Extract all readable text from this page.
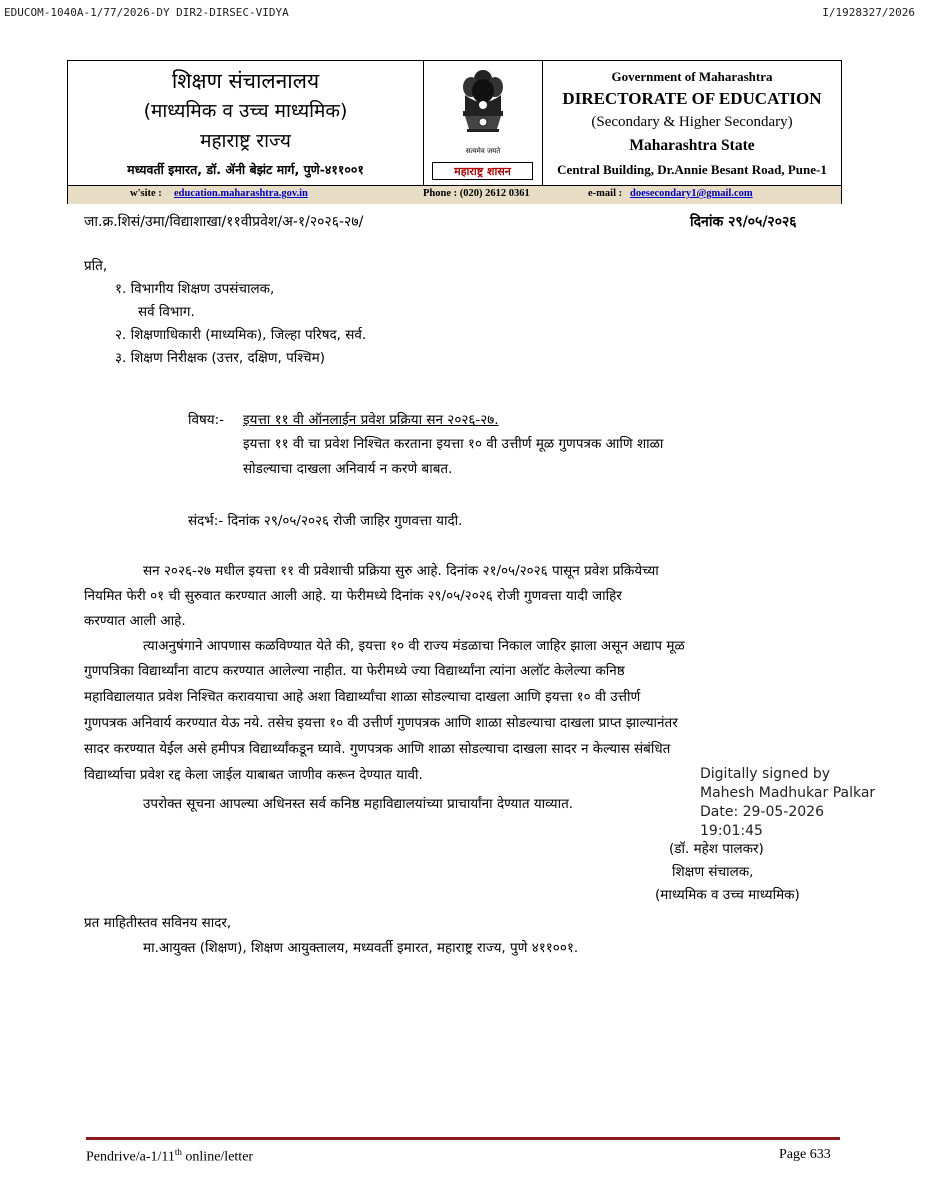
EDUCOM-1040A-1/77/2026-DY DIR2-DIRSEC-VIDYA	I/1928327/2026
शिक्षण संचालनालय
(माध्यमिक व उच्च माध्यमिक)
महाराष्ट्र राज्य
मध्यवर्ती इमारत, डॉ. ॲनी बेझंट मार्ग, पुणे-४११००१
सत्यमेव जयते
महाराष्ट्र शासन
Government of Maharashtra
DIRECTORATE OF EDUCATION
(Secondary & Higher Secondary)
Maharashtra State
Central Building, Dr.Annie Besant Road, Pune-1
w'site : education.maharashtra.gov.in	Phone : (020) 2612 0361	e-mail : doesecondary1@gmail.com
जा.क्र.शिसं/उमा/विद्याशाखा/११वीप्रवेश/अ-१/२०२६-२७/	दिनांक २९/०५/२०२६
प्रति,
१. विभागीय शिक्षण उपसंचालक,
सर्व विभाग.
२. शिक्षणाधिकारी (माध्यमिक), जिल्हा परिषद, सर्व.
३. शिक्षण निरीक्षक (उत्तर, दक्षिण, पश्चिम)
विषय:- इयत्ता ११ वी ऑनलाईन प्रवेश प्रक्रिया सन २०२६-२७.
इयत्ता ११ वी चा प्रवेश निश्चित करताना इयत्ता १० वी उत्तीर्ण मूळ गुणपत्रक आणि शाळा
सोडल्याचा दाखला अनिवार्य न करणे बाबत.
संदर्भ:- दिनांक २९/०५/२०२६ रोजी जाहिर गुणवत्ता यादी.
सन २०२६-२७ मधील इयत्ता ११ वी प्रवेशाची प्रक्रिया सुरु आहे. दिनांक २१/०५/२०२६ पासून प्रवेश प्रकियेच्या
नियमित फेरी ०१ ची सुरुवात करण्यात आली आहे. या फेरीमध्ये दिनांक २९/०५/२०२६ रोजी गुणवत्ता यादी जाहिर
करण्यात आली आहे.
त्याअनुषंगाने आपणास कळविण्यात येते की, इयत्ता १० वी राज्य मंडळाचा निकाल जाहिर झाला असून अद्याप मूळ
गुणपत्रिका विद्यार्थ्यांना वाटप करण्यात आलेल्या नाहीत. या फेरीमध्ये ज्या विद्यार्थ्यांना त्यांना अलॉट केलेल्या कनिष्ठ
महाविद्यालयात प्रवेश निश्चित करावयाचा आहे अशा विद्यार्थ्यांचा शाळा सोडल्याचा दाखला आणि इयत्ता १० वी उत्तीर्ण
गुणपत्रक अनिवार्य करण्यात येऊ नये. तसेच इयत्ता १० वी उत्तीर्ण गुणपत्रक आणि शाळा सोडल्याचा दाखला प्राप्त झाल्यानंतर
सादर करण्यात येईल असे हमीपत्र विद्यार्थ्यांकडून घ्यावे. गुणपत्रक आणि शाळा सोडल्याचा दाखला सादर न केल्यास संबंधित
विद्यार्थ्याचा प्रवेश रद्द केला जाईल याबाबत जाणीव करून देण्यात यावी.
उपरोक्त सूचना आपल्या अधिनस्त सर्व कनिष्ठ महाविद्यालयांच्या प्राचार्यांना देण्यात याव्यात.
Digitally signed by
Mahesh Madhukar Palkar
Date: 29-05-2026
19:01:45
(डॉ. महेश पालकर)
शिक्षण संचालक,
(माध्यमिक व उच्च माध्यमिक)
प्रत माहितीस्तव सविनय सादर,
मा.आयुक्त (शिक्षण), शिक्षण आयुक्तालय, मध्यवर्ती इमारत, महाराष्ट्र राज्य, पुणे ४११००१.
Pendrive/a-1/11th online/letter	Page 633
